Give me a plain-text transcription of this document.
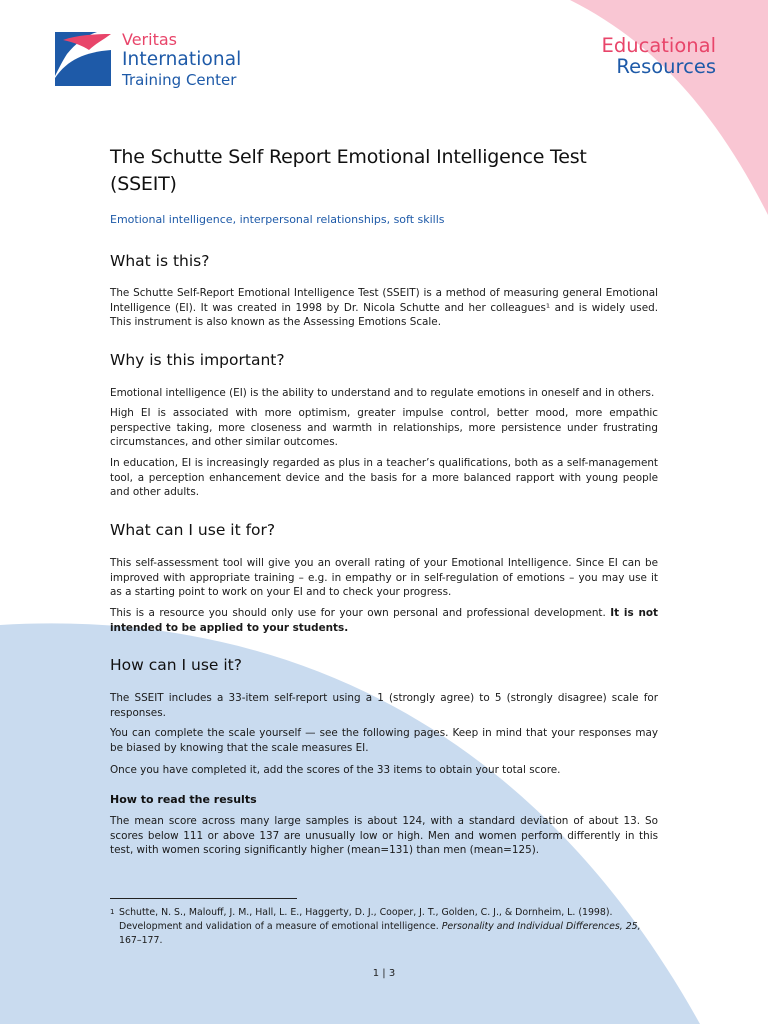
Veritas
International
Training Center
Educational
Resources
The Schutte Self Report Emotional Intelligence Test (SSEIT)
Emotional intelligence, interpersonal relationships, soft skills
What is this?

The Schutte Self-Report Emotional Intelligence Test (SSEIT) is a method of measuring general Emotional Intelligence (EI). It was created in 1998 by Dr. Nicola Schutte and her colleagues¹ and is widely used. This instrument is also known as the Assessing Emotions Scale.

Why is this important?

Emotional intelligence (EI) is the ability to understand and to regulate emotions in oneself and in others.

High EI is associated with more optimism, greater impulse control, better mood, more empathic perspective taking, more closeness and warmth in relationships, more persistence under frustrating circumstances, and other similar outcomes.

In education, EI is increasingly regarded as plus in a teacher’s qualifications, both as a self-management tool, a perception enhancement device and the basis for a more balanced rapport with young people and other adults.

What can I use it for?

This self-assessment tool will give you an overall rating of your Emotional Intelligence. Since EI can be improved with appropriate training – e.g. in empathy or in self-regulation of emotions – you may use it as a starting point to work on your EI and to check your progress.

This is a resource you should only use for your own personal and professional development. It is not intended to be applied to your students.

How can I use it?

The SSEIT includes a 33-item self-report using a 1 (strongly agree) to 5 (strongly disagree) scale for responses.

You can complete the scale yourself — see the following pages. Keep in mind that your responses may be biased by knowing that the scale measures EI.

Once you have completed it, add the scores of the 33 items to obtain your total score.

How to read the results

The mean score across many large samples is about 124, with a standard deviation of about 13. So scores below 111 or above 137 are unusually low or high. Men and women perform differently in this test, with women scoring significantly higher (mean=131) than men (mean=125).

1 Schutte, N. S., Malouff, J. M., Hall, L. E., Haggerty, D. J., Cooper, J. T., Golden, C. J., & Dornheim, L. (1998). Development and validation of a measure of emotional intelligence. Personality and Individual Differences, 25, 167–177.
1 | 3
